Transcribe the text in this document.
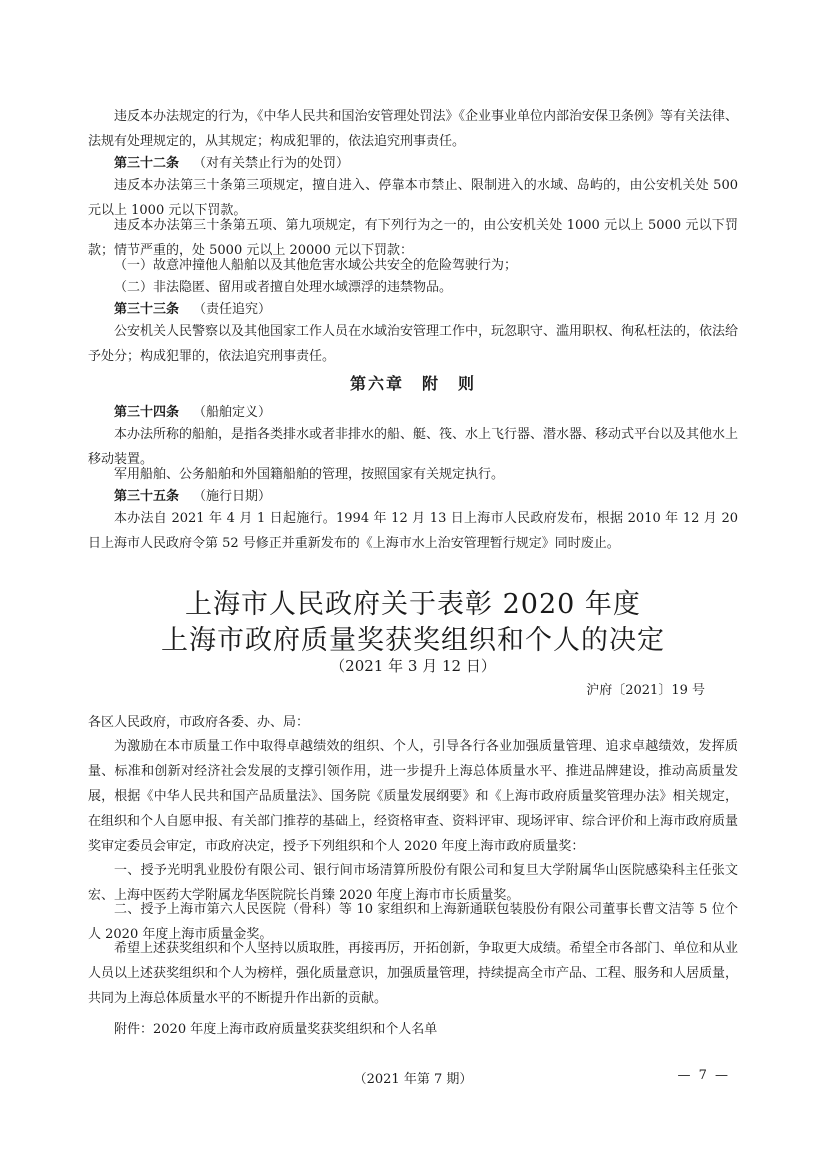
违反本办法规定的行为，《中华人民共和国治安管理处罚法》《企业事业单位内部治安保卫条例》等有关法律、法规有处理规定的，从其规定；构成犯罪的，依法追究刑事责任。

第三十二条 （对有关禁止行为的处罚）

违反本办法第三十条第三项规定，擅自进入、停靠本市禁止、限制进入的水域、岛屿的，由公安机关处 500 元以上 1000 元以下罚款。

违反本办法第三十条第五项、第九项规定，有下列行为之一的，由公安机关处 1000 元以上 5000 元以下罚款；情节严重的，处 5000 元以上 20000 元以下罚款：

（一）故意冲撞他人船舶以及其他危害水域公共安全的危险驾驶行为；

（二）非法隐匿、留用或者擅自处理水域漂浮的违禁物品。

第三十三条 （责任追究）

公安机关人民警察以及其他国家工作人员在水域治安管理工作中，玩忽职守、滥用职权、徇私枉法的，依法给予处分；构成犯罪的，依法追究刑事责任。

第六章　附　则

第三十四条 （船舶定义）

本办法所称的船舶，是指各类排水或者非排水的船、艇、筏、水上飞行器、潜水器、移动式平台以及其他水上移动装置。

军用船舶、公务船舶和外国籍船舶的管理，按照国家有关规定执行。

第三十五条 （施行日期）

本办法自 2021 年 4 月 1 日起施行。1994 年 12 月 13 日上海市人民政府发布，根据 2010 年 12 月 20 日上海市人民政府令第 52 号修正并重新发布的《上海市水上治安管理暂行规定》同时废止。

上海市人民政府关于表彰 2020 年度
上海市政府质量奖获奖组织和个人的决定

（2021 年 3 月 12 日）

沪府〔2021〕19 号

各区人民政府，市政府各委、办、局：

为激励在本市质量工作中取得卓越绩效的组织、个人，引导各行各业加强质量管理、追求卓越绩效，发挥质量、标准和创新对经济社会发展的支撑引领作用，进一步提升上海总体质量水平、推进品牌建设，推动高质量发展，根据《中华人民共和国产品质量法》、国务院《质量发展纲要》和《上海市政府质量奖管理办法》相关规定，在组织和个人自愿申报、有关部门推荐的基础上，经资格审查、资料评审、现场评审、综合评价和上海市政府质量奖审定委员会审定，市政府决定，授予下列组织和个人 2020 年度上海市政府质量奖：

一、授予光明乳业股份有限公司、银行间市场清算所股份有限公司和复旦大学附属华山医院感染科主任张文宏、上海中医药大学附属龙华医院院长肖臻 2020 年度上海市市长质量奖。

二、授予上海市第六人民医院（骨科）等 10 家组织和上海新通联包装股份有限公司董事长曹文洁等 5 位个人 2020 年度上海市质量金奖。

希望上述获奖组织和个人坚持以质取胜，再接再厉，开拓创新，争取更大成绩。希望全市各部门、单位和从业人员以上述获奖组织和个人为榜样，强化质量意识，加强质量管理，持续提高全市产品、工程、服务和人居质量，共同为上海总体质量水平的不断提升作出新的贡献。

附件：2020 年度上海市政府质量奖获奖组织和个人名单

（2021 年第 7 期）	— 7 —
